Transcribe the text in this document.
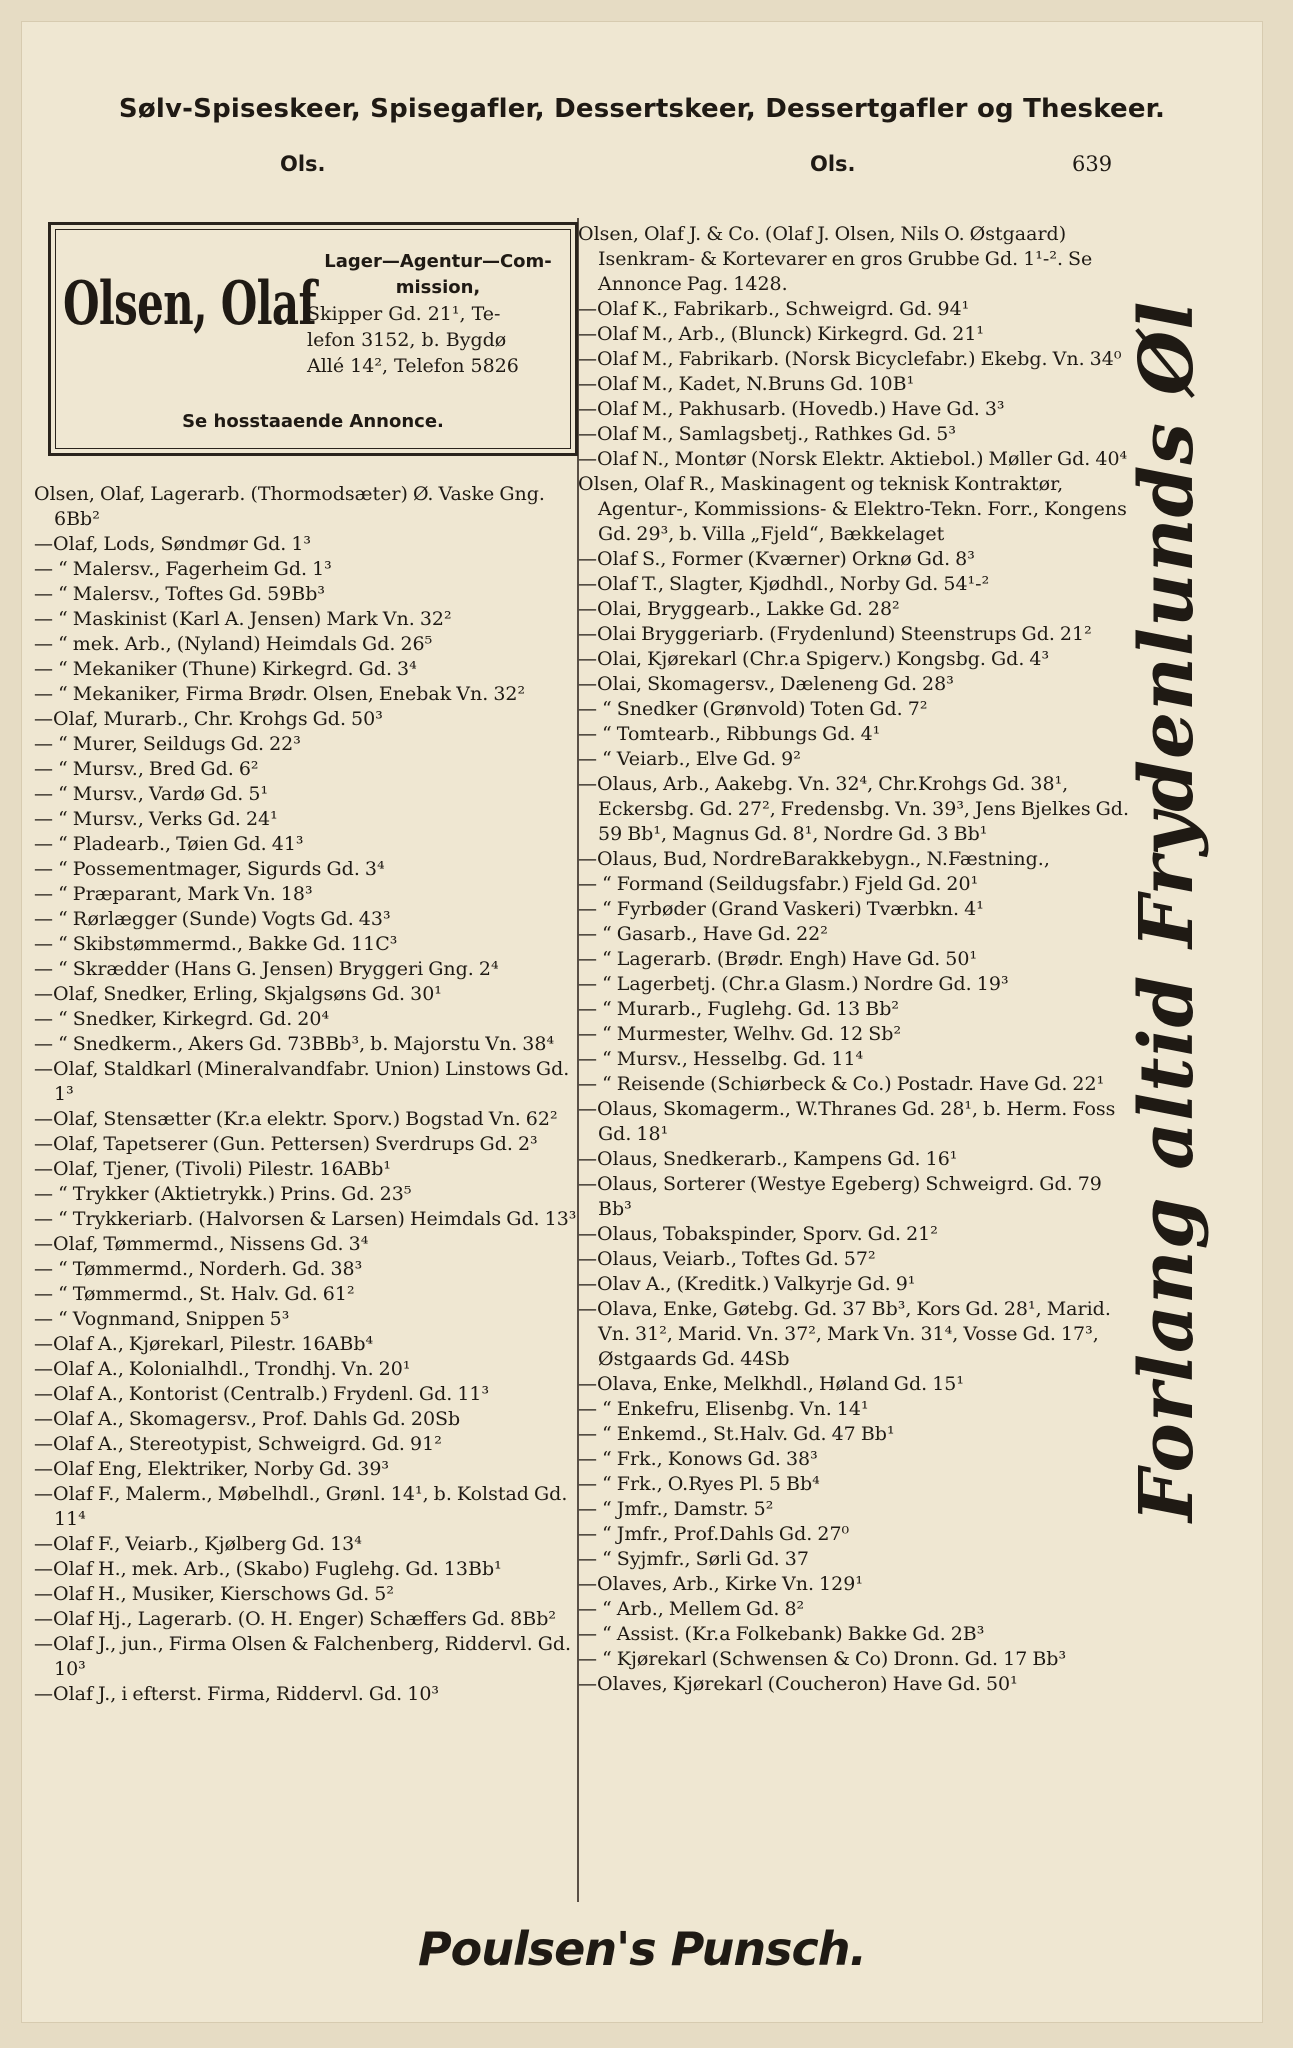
Sølv-Spiseskeer, Spisegafler, Dessertskeer, Dessertgafler og Theskeer.
Ols.	Ols.	639
Olsen, Olaf
Lager—Agentur—Com-
mission,
Skipper Gd. 21¹, Te-
lefon 3152, b. Bygdø
Allé 14², Telefon 5826
Se hosstaaende Annonce.
Olsen, Olaf, Lagerarb. (Thormodsæter) Ø. Vaske Gng. 6Bb²
—Olaf, Lods, Søndmør Gd. 1³
— “ Malersv., Fagerheim Gd. 1³
— “ Malersv., Toftes Gd. 59Bb³
— “ Maskinist (Karl A. Jensen) Mark Vn. 32²
— “ mek. Arb., (Nyland) Heimdals Gd. 26⁵
— “ Mekaniker (Thune) Kirkegrd. Gd. 3⁴
— “ Mekaniker, Firma Brødr. Olsen, Enebak Vn. 32²
—Olaf, Murarb., Chr. Krohgs Gd. 50³
— “ Murer, Seildugs Gd. 22³
— “ Mursv., Bred Gd. 6²
— “ Mursv., Vardø Gd. 5¹
— “ Mursv., Verks Gd. 24¹
— “ Pladearb., Tøien Gd. 41³
— “ Possementmager, Sigurds Gd. 3⁴
— “ Præparant, Mark Vn. 18³
— “ Rørlægger (Sunde) Vogts Gd. 43³
— “ Skibstømmermd., Bakke Gd. 11C³
— “ Skrædder (Hans G. Jensen) Bryggeri Gng. 2⁴
—Olaf, Snedker, Erling, Skjalgsøns Gd. 30¹
— “ Snedker, Kirkegrd. Gd. 20⁴
— “ Snedkerm., Akers Gd. 73BBb³, b. Majorstu Vn. 38⁴
—Olaf, Staldkarl (Mineralvandfabr. Union) Linstows Gd. 1³
—Olaf, Stensætter (Kr.a elektr. Sporv.) Bogstad Vn. 62²
—Olaf, Tapetserer (Gun. Pettersen) Sverdrups Gd. 2³
—Olaf, Tjener, (Tivoli) Pilestr. 16ABb¹
— “ Trykker (Aktietrykk.) Prins. Gd. 23⁵
— “ Trykkeriarb. (Halvorsen & Larsen) Heimdals Gd. 13³
—Olaf, Tømmermd., Nissens Gd. 3⁴
— “ Tømmermd., Norderh. Gd. 38³
— “ Tømmermd., St. Halv. Gd. 61²
— “ Vognmand, Snippen 5³
—Olaf A., Kjørekarl, Pilestr. 16ABb⁴
—Olaf A., Kolonialhdl., Trondhj. Vn. 20¹
—Olaf A., Kontorist (Centralb.) Frydenl. Gd. 11³
—Olaf A., Skomagersv., Prof. Dahls Gd. 20Sb
—Olaf A., Stereotypist, Schweigrd. Gd. 91²
—Olaf Eng, Elektriker, Norby Gd. 39³
—Olaf F., Malerm., Møbelhdl., Grønl. 14¹, b. Kolstad Gd. 11⁴
—Olaf F., Veiarb., Kjølberg Gd. 13⁴
—Olaf H., mek. Arb., (Skabo) Fuglehg. Gd. 13Bb¹
—Olaf H., Musiker, Kierschows Gd. 5²
—Olaf Hj., Lagerarb. (O. H. Enger) Schæffers Gd. 8Bb²
—Olaf J., jun., Firma Olsen & Falchenberg, Riddervl. Gd. 10³
—Olaf J., i efterst. Firma, Riddervl. Gd. 10³
Olsen, Olaf J. & Co. (Olaf J. Olsen, Nils O. Østgaard) Isenkram- & Kortevarer en gros Grubbe Gd. 1¹-². Se Annonce Pag. 1428.
—Olaf K., Fabrikarb., Schweigrd. Gd. 94¹
—Olaf M., Arb., (Blunck) Kirkegrd. Gd. 21¹
—Olaf M., Fabrikarb. (Norsk Bicyclefabr.) Ekebg. Vn. 34⁰
—Olaf M., Kadet, N.Bruns Gd. 10B¹
—Olaf M., Pakhusarb. (Hovedb.) Have Gd. 3³
—Olaf M., Samlagsbetj., Rathkes Gd. 5³
—Olaf N., Montør (Norsk Elektr. Aktiebol.) Møller Gd. 40⁴
Olsen, Olaf R., Maskinagent og teknisk Kontraktør, Agentur-, Kommissions- & Elektro-Tekn. Forr., Kongens Gd. 29³, b. Villa „Fjeld“, Bækkelaget
—Olaf S., Former (Kværner) Orknø Gd. 8³
—Olaf T., Slagter, Kjødhdl., Norby Gd. 54¹-²
—Olai, Bryggearb., Lakke Gd. 28²
—Olai Bryggeriarb. (Frydenlund) Steenstrups Gd. 21²
—Olai, Kjørekarl (Chr.a Spigerv.) Kongsbg. Gd. 4³
—Olai, Skomagersv., Dæleneng Gd. 28³
— “ Snedker (Grønvold) Toten Gd. 7²
— “ Tomtearb., Ribbungs Gd. 4¹
— “ Veiarb., Elve Gd. 9²
—Olaus, Arb., Aakebg. Vn. 32⁴, Chr.Krohgs Gd. 38¹, Eckersbg. Gd. 27², Fredensbg. Vn. 39³, Jens Bjelkes Gd. 59 Bb¹, Magnus Gd. 8¹, Nordre Gd. 3 Bb¹
—Olaus, Bud, NordreBarakkebygn., N.Fæstning.,
— “ Formand (Seildugsfabr.) Fjeld Gd. 20¹
— “ Fyrbøder (Grand Vaskeri) Tværbkn. 4¹
— “ Gasarb., Have Gd. 22²
— “ Lagerarb. (Brødr. Engh) Have Gd. 50¹
— “ Lagerbetj. (Chr.a Glasm.) Nordre Gd. 19³
— “ Murarb., Fuglehg. Gd. 13 Bb²
— “ Murmester, Welhv. Gd. 12 Sb²
— “ Mursv., Hesselbg. Gd. 11⁴
— “ Reisende (Schiørbeck & Co.) Postadr. Have Gd. 22¹
—Olaus, Skomagerm., W.Thranes Gd. 28¹, b. Herm. Foss Gd. 18¹
—Olaus, Snedkerarb., Kampens Gd. 16¹
—Olaus, Sorterer (Westye Egeberg) Schweigrd. Gd. 79 Bb³
—Olaus, Tobakspinder, Sporv. Gd. 21²
—Olaus, Veiarb., Toftes Gd. 57²
—Olav A., (Kreditk.) Valkyrje Gd. 9¹
—Olava, Enke, Gøtebg. Gd. 37 Bb³, Kors Gd. 28¹, Marid. Vn. 31², Marid. Vn. 37², Mark Vn. 31⁴, Vosse Gd. 17³, Østgaards Gd. 44Sb
—Olava, Enke, Melkhdl., Høland Gd. 15¹
— “ Enkefru, Elisenbg. Vn. 14¹
— “ Enkemd., St.Halv. Gd. 47 Bb¹
— “ Frk., Konows Gd. 38³
— “ Frk., O.Ryes Pl. 5 Bb⁴
— “ Jmfr., Damstr. 5²
— “ Jmfr., Prof.Dahls Gd. 27⁰
— “ Syjmfr., Sørli Gd. 37
—Olaves, Arb., Kirke Vn. 129¹
— “ Arb., Mellem Gd. 8²
— “ Assist. (Kr.a Folkebank) Bakke Gd. 2B³
— “ Kjørekarl (Schwensen & Co) Dronn. Gd. 17 Bb³
—Olaves, Kjørekarl (Coucheron) Have Gd. 50¹
Forlang altid Frydenlunds Øl
Poulsen's Punsch.
